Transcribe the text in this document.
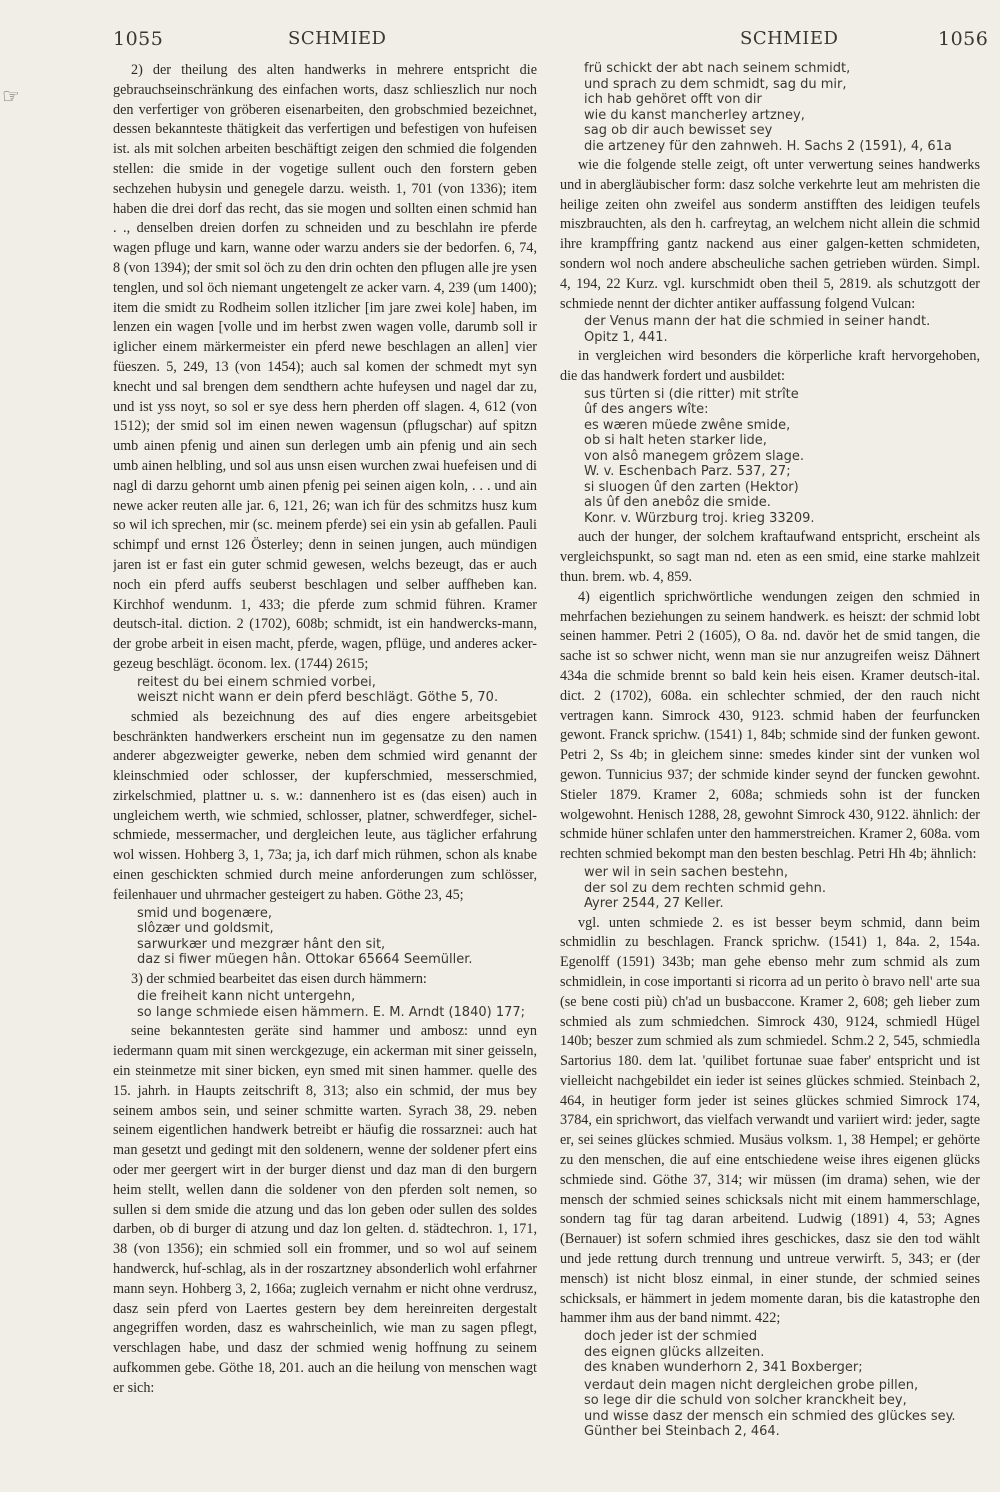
☞
1055	SCHMIED	SCHMIED	1056

2) der theilung des alten handwerks in mehrere entspricht die gebrauchseinschränkung des einfachen worts, dasz schlieszlich nur noch den verfertiger von gröberen eisenarbeiten, den grobschmied bezeichnet, dessen bekannteste thätigkeit das verfertigen und befestigen von hufeisen ist. als mit solchen arbeiten beschäftigt zeigen den schmied die folgenden stellen: die smide in der vogetige sullent ouch den forstern geben sechzehen hubysin und genegele darzu. weisth. 1, 701 (von 1336); item haben die drei dorf das recht, das sie mogen und sollten einen schmid han . ., denselben dreien dorfen zu schneiden und zu beschlahn ire pferde wagen pfluge und karn, wanne oder warzu anders sie der bedorfen. 6, 74, 8 (von 1394); der smit sol öch zu den drin ochten den pflugen alle jre ysen tenglen, und sol öch niemant ungetengelt ze acker varn. 4, 239 (um 1400); item die smidt zu Rodheim sollen itzlicher [im jare zwei kole] haben, im lenzen ein wagen [volle und im herbst zwen wagen volle, darumb soll ir iglicher einem märkermeister ein pferd newe beschlagen an allen] vier füeszen. 5, 249, 13 (von 1454); auch sal komen der schmedt myt syn knecht und sal brengen dem sendthern achte hufeysen und nagel dar zu, und ist yss noyt, so sol er sye dess hern pherden off slagen. 4, 612 (von 1512); der smid sol im einen newen wagensun (pflugschar) auf spitzn umb ainen pfenig und ainen sun derlegen umb ain pfenig und ain sech umb ainen helbling, und sol aus unsn eisen wurchen zwai huefeisen und di nagl di darzu gehornt umb ainen pfenig pei seinen aigen koln, . . . und ain newe acker reuten alle jar. 6, 121, 26; wan ich für des schmitzs husz kum so wil ich sprechen, mir (sc. meinem pferde) sei ein ysin ab gefallen. Pauli schimpf und ernst 126 Österley; denn in seinen jungen, auch mündigen jaren ist er fast ein guter schmid gewesen, welchs bezeugt, das er auch noch ein pferd auffs seuberst beschlagen und selber auffheben kan. Kirchhof wendunm. 1, 433; die pferde zum schmid führen. Kramer deutsch-ital. diction. 2 (1702), 608b; schmidt, ist ein handwercks-mann, der grobe arbeit in eisen macht, pferde, wagen, pflüge, und anderes acker-gezeug beschlägt. öconom. lex. (1744) 2615;

reitest du bei einem schmied vorbei,
weiszt nicht wann er dein pferd beschlägt. Göthe 5, 70.

schmied als bezeichnung des auf dies engere arbeitsgebiet beschränkten handwerkers erscheint nun im gegensatze zu den namen anderer abgezweigter gewerke, neben dem schmied wird genannt der kleinschmied oder schlosser, der kupferschmied, messerschmied, zirkelschmied, plattner u. s. w.: dannenhero ist es (das eisen) auch in ungleichem werth, wie schmied, schlosser, platner, schwerdfeger, sichel-schmiede, messermacher, und dergleichen leute, aus täglicher erfahrung wol wissen. Hohberg 3, 1, 73a; ja, ich darf mich rühmen, schon als knabe einen geschickten schmied durch meine anforderungen zum schlösser, feilenhauer und uhrmacher gesteigert zu haben. Göthe 23, 45;

smid und bogenære,
slôzær und goldsmit,
sarwurkær und mezgrær hânt den sit,
daz si fiwer müegen hân. Ottokar 65664 Seemüller.

3) der schmied bearbeitet das eisen durch hämmern:

die freiheit kann nicht untergehn,
so lange schmiede eisen hämmern. E. M. Arndt (1840) 177;

seine bekanntesten geräte sind hammer und ambosz: unnd eyn iedermann quam mit sinen werckgezuge, ein ackerman mit siner geisseln, ein steinmetze mit siner bicken, eyn smed mit sinen hammer. quelle des 15. jahrh. in Haupts zeitschrift 8, 313; also ein schmid, der mus bey seinem ambos sein, und seiner schmitte warten. Syrach 38, 29. neben seinem eigentlichen handwerk betreibt er häufig die rossarznei: auch hat man gesetzt und gedingt mit den soldenern, wenne der soldener pfert eins oder mer geergert wirt in der burger dienst und daz man di den burgern heim stellt, wellen dann die soldener von den pferden solt nemen, so sullen si dem smide die atzung und das lon geben oder sullen des soldes darben, ob di burger di atzung und daz lon gelten. d. städtechron. 1, 171, 38 (von 1356); ein schmied soll ein frommer, und so wol auf seinem handwerck, huf-schlag, als in der roszartzney absonderlich wohl erfahrner mann seyn. Hohberg 3, 2, 166a; zugleich vernahm er nicht ohne verdrusz, dasz sein pferd von Laertes gestern bey dem hereinreiten dergestalt angegriffen worden, dasz es wahrscheinlich, wie man zu sagen pflegt, verschlagen habe, und dasz der schmied wenig hoffnung zu seinem aufkommen gebe. Göthe 18, 201. auch an die heilung von menschen wagt er sich:

frü schickt der abt nach seinem schmidt,
und sprach zu dem schmidt, sag du mir,
ich hab gehöret offt von dir
wie du kanst mancherley artzney,
sag ob dir auch bewisset sey
die artzeney für den zahnweh. H. Sachs 2 (1591), 4, 61a

wie die folgende stelle zeigt, oft unter verwertung seines handwerks und in abergläubischer form: dasz solche verkehrte leut am mehristen die heilige zeiten ohn zweifel aus sonderm anstifften des leidigen teufels miszbrauchten, als den h. carfreytag, an welchem nicht allein die schmid ihre krampffring gantz nackend aus einer galgen-ketten schmideten, sondern wol noch andere abscheuliche sachen getrieben würden. Simpl. 4, 194, 22 Kurz. vgl. kurschmidt oben theil 5, 2819. als schutzgott der schmiede nennt der dichter antiker auffassung folgend Vulcan:

der Venus mann der hat die schmied in seiner handt.
Opitz 1, 441.

in vergleichen wird besonders die körperliche kraft hervorgehoben, die das handwerk fordert und ausbildet:

sus türten si (die ritter) mit strîte
ûf des angers wîte:
es wæren müede zwêne smide,
ob si halt heten starker lide,
von alsô manegem grôzem slage.
W. v. Eschenbach Parz. 537, 27;
si sluogen ûf den zarten (Hektor)
als ûf den anebôz die smide.
Konr. v. Würzburg troj. krieg 33209.

auch der hunger, der solchem kraftaufwand entspricht, erscheint als vergleichspunkt, so sagt man nd. eten as een smid, eine starke mahlzeit thun. brem. wb. 4, 859.

4) eigentlich sprichwörtliche wendungen zeigen den schmied in mehrfachen beziehungen zu seinem handwerk. es heiszt: der schmid lobt seinen hammer. Petri 2 (1605), O 8a. nd. davör het de smid tangen, die sache ist so schwer nicht, wenn man sie nur anzugreifen weisz Dähnert 434a die schmide brennt so bald kein heis eisen. Kramer deutsch-ital. dict. 2 (1702), 608a. ein schlechter schmied, der den rauch nicht vertragen kann. Simrock 430, 9123. schmid haben der feurfuncken gewont. Franck sprichw. (1541) 1, 84b; schmide sind der funken gewont. Petri 2, Ss 4b; in gleichem sinne: smedes kinder sint der vunken wol gewon. Tunnicius 937; der schmide kinder seynd der funcken gewohnt. Stieler 1879. Kramer 2, 608a; schmieds sohn ist der funcken wolgewohnt. Henisch 1288, 28, gewohnt Simrock 430, 9122. ähnlich: der schmide hüner schlafen unter den hammerstreichen. Kramer 2, 608a. vom rechten schmied bekompt man den besten beschlag. Petri Hh 4b; ähnlich:

wer wil in sein sachen bestehn,
der sol zu dem rechten schmid gehn.
Ayrer 2544, 27 Keller.

vgl. unten schmiede 2. es ist besser beym schmid, dann beim schmidlin zu beschlagen. Franck sprichw. (1541) 1, 84a. 2, 154a. Egenolff (1591) 343b; man gehe ebenso mehr zum schmid als zum schmidlein, in cose importanti si ricorra ad un perito ò bravo nell' arte sua (se bene costi più) ch'ad un busbaccone. Kramer 2, 608; geh lieber zum schmied als zum schmiedchen. Simrock 430, 9124, schmiedl Hügel 140b; beszer zum schmied als zum schmiedel. Schm.2 2, 545, schmiedla Sartorius 180. dem lat. 'quilibet fortunae suae faber' entspricht und ist vielleicht nachgebildet ein ieder ist seines glückes schmied. Steinbach 2, 464, in heutiger form jeder ist seines glückes schmied Simrock 174, 3784, ein sprichwort, das vielfach verwandt und variiert wird: jeder, sagte er, sei seines glückes schmied. Musäus volksm. 1, 38 Hempel; er gehörte zu den menschen, die auf eine entschiedene weise ihres eigenen glücks schmiede sind. Göthe 37, 314; wir müssen (im drama) sehen, wie der mensch der schmied seines schicksals nicht mit einem hammerschlage, sondern tag für tag daran arbeitend. Ludwig (1891) 4, 53; Agnes (Bernauer) ist sofern schmied ihres geschickes, dasz sie den tod wählt und jede rettung durch trennung und untreue verwirft. 5, 343; er (der mensch) ist nicht blosz einmal, in einer stunde, der schmied seines schicksals, er hämmert in jedem momente daran, bis die katastrophe den hammer ihm aus der band nimmt. 422;

doch jeder ist der schmied
des eignen glücks allzeiten.
des knaben wunderhorn 2, 341 Boxberger;
verdaut dein magen nicht dergleichen grobe pillen,
so lege dir die schuld von solcher kranckheit bey,
und wisse dasz der mensch ein schmied des glückes sey.
Günther bei Steinbach 2, 464.
